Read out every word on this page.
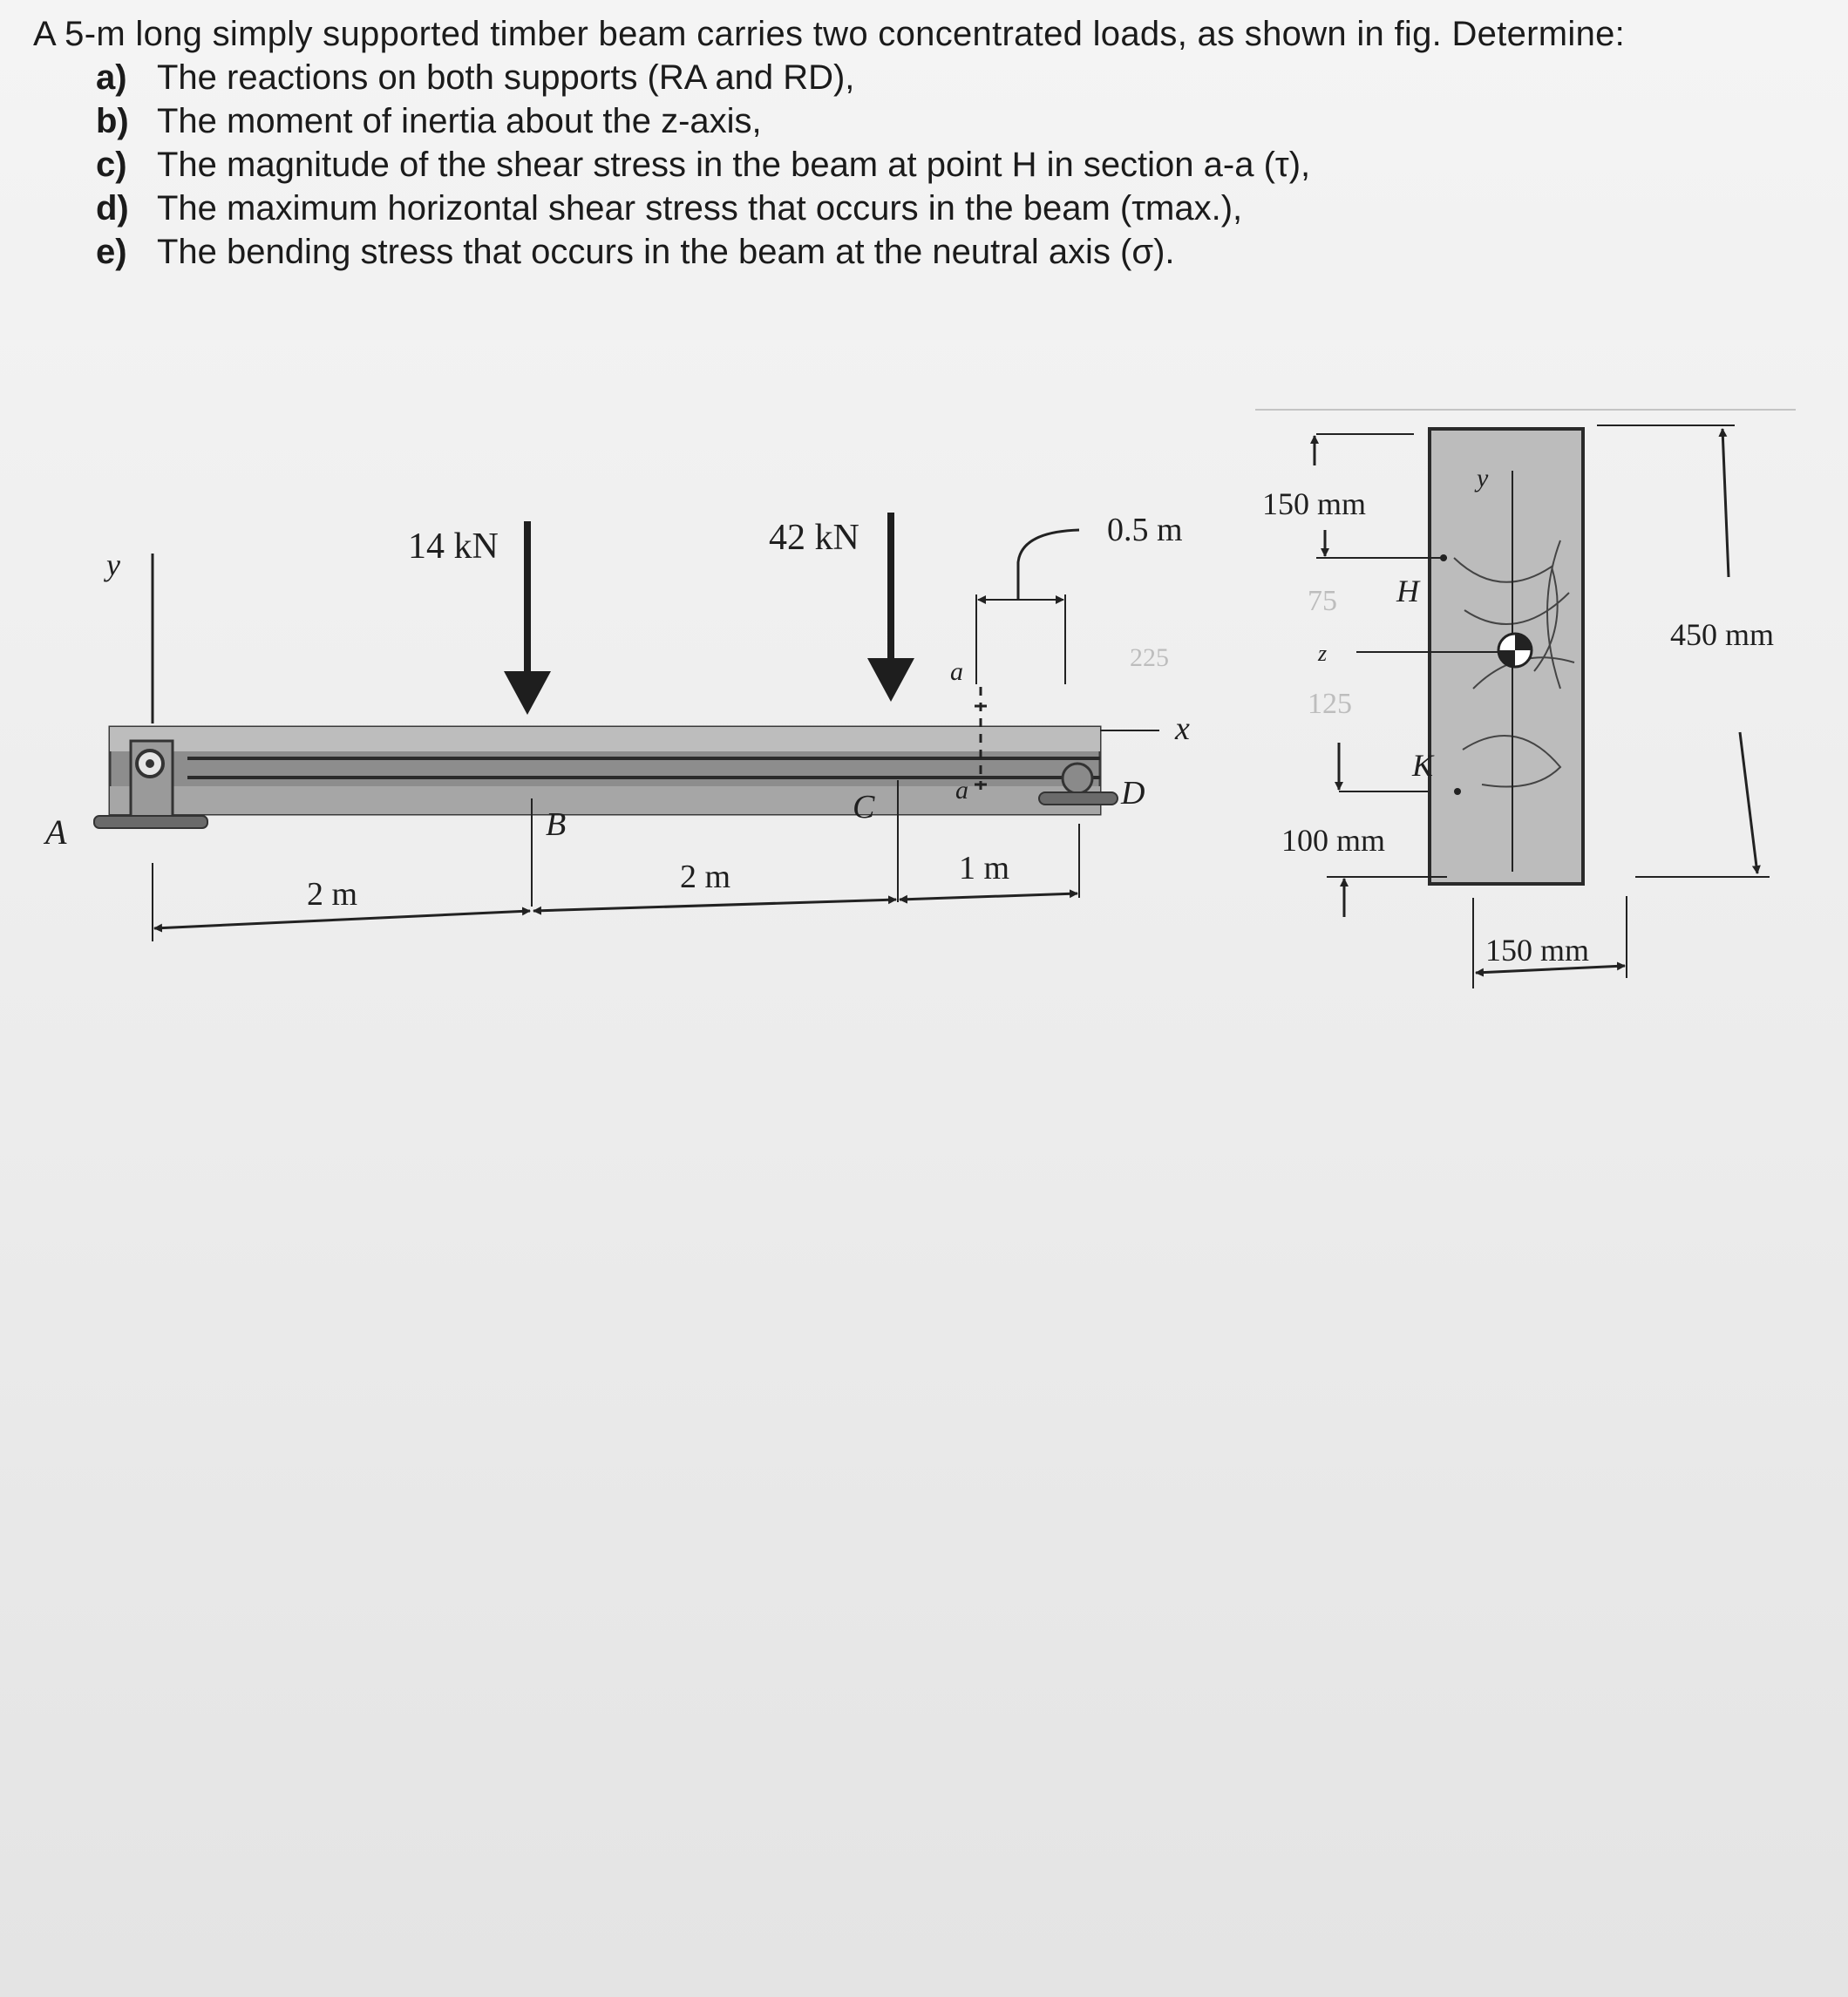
A 5-m long simply supported timber beam carries two concentrated loads, as shown in fig. Determine:

a) The reactions on both supports (RA and RD),
b) The moment of inertia about the z-axis,
c) The magnitude of the shear stress in the beam at point H in section a-a (τ),
d) The maximum horizontal shear stress that occurs in the beam (τmax.),
e) The bending stress that occurs in the beam at the neutral axis (σ).
y
x
A
D
14 kN	42 kN
a
a
0.5 m
B	C
2 m	2 m	1 m
y
z
H
K
150 mm
100 mm
450 mm
150 mm
75
225
125
